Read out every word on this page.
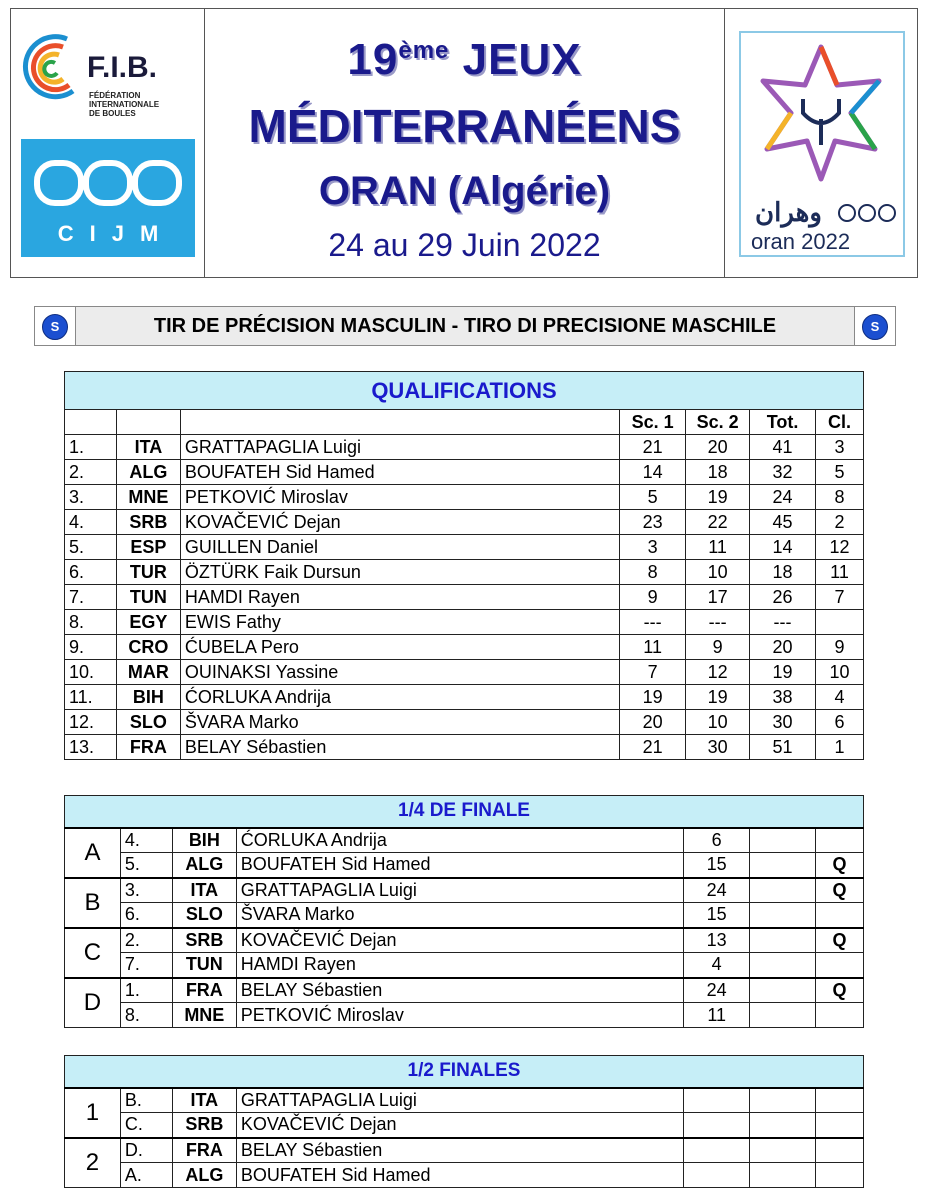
F.I.B.
FÉDÉRATION INTERNATIONALE
DE BOULES
CIJM
19ème JEUX
MÉDITERRANÉENS
ORAN (Algérie)
24 au 29 Juin 2022
وهران
oran 2022
S	TIR DE PRÉCISION MASCULIN - TIRO DI PRECISIONE MASCHILE	S
QUALIFICATIONS						
			Sc. 1	Sc. 2	Tot.	Cl.
1.	ITA	GRATTAPAGLIA Luigi	21	20	41	3
2.	ALG	BOUFATEH Sid Hamed	14	18	32	5
3.	MNE	PETKOVIĆ Miroslav	5	19	24	8
4.	SRB	KOVAČEVIĆ Dejan	23	22	45	2
5.	ESP	GUILLEN Daniel	3	11	14	12
6.	TUR	ÖZTÜRK Faik Dursun	8	10	18	11
7.	TUN	HAMDI Rayen	9	17	26	7
8.	EGY	EWIS Fathy	---	---	---	
9.	CRO	ĆUBELA Pero	11	9	20	9
10.	MAR	OUINAKSI Yassine	7	12	19	10
11.	BIH	ĆORLUKA Andrija	19	19	38	4
12.	SLO	ŠVARA Marko	20	10	30	6
13.	FRA	BELAY Sébastien	21	30	51	1
1/4 DE FINALE						
A	4.	BIH	ĆORLUKA Andrija	6		
	5.	ALG	BOUFATEH Sid Hamed	15		Q
B	3.	ITA	GRATTAPAGLIA Luigi	24		Q
	6.	SLO	ŠVARA Marko	15		
C	2.	SRB	KOVAČEVIĆ Dejan	13		Q
	7.	TUN	HAMDI Rayen	4		
D	1.	FRA	BELAY Sébastien	24		Q
	8.	MNE	PETKOVIĆ Miroslav	11		
1/2 FINALES						
1	B.	ITA	GRATTAPAGLIA Luigi			
	C.	SRB	KOVAČEVIĆ Dejan			
2	D.	FRA	BELAY Sébastien			
	A.	ALG	BOUFATEH Sid Hamed			
